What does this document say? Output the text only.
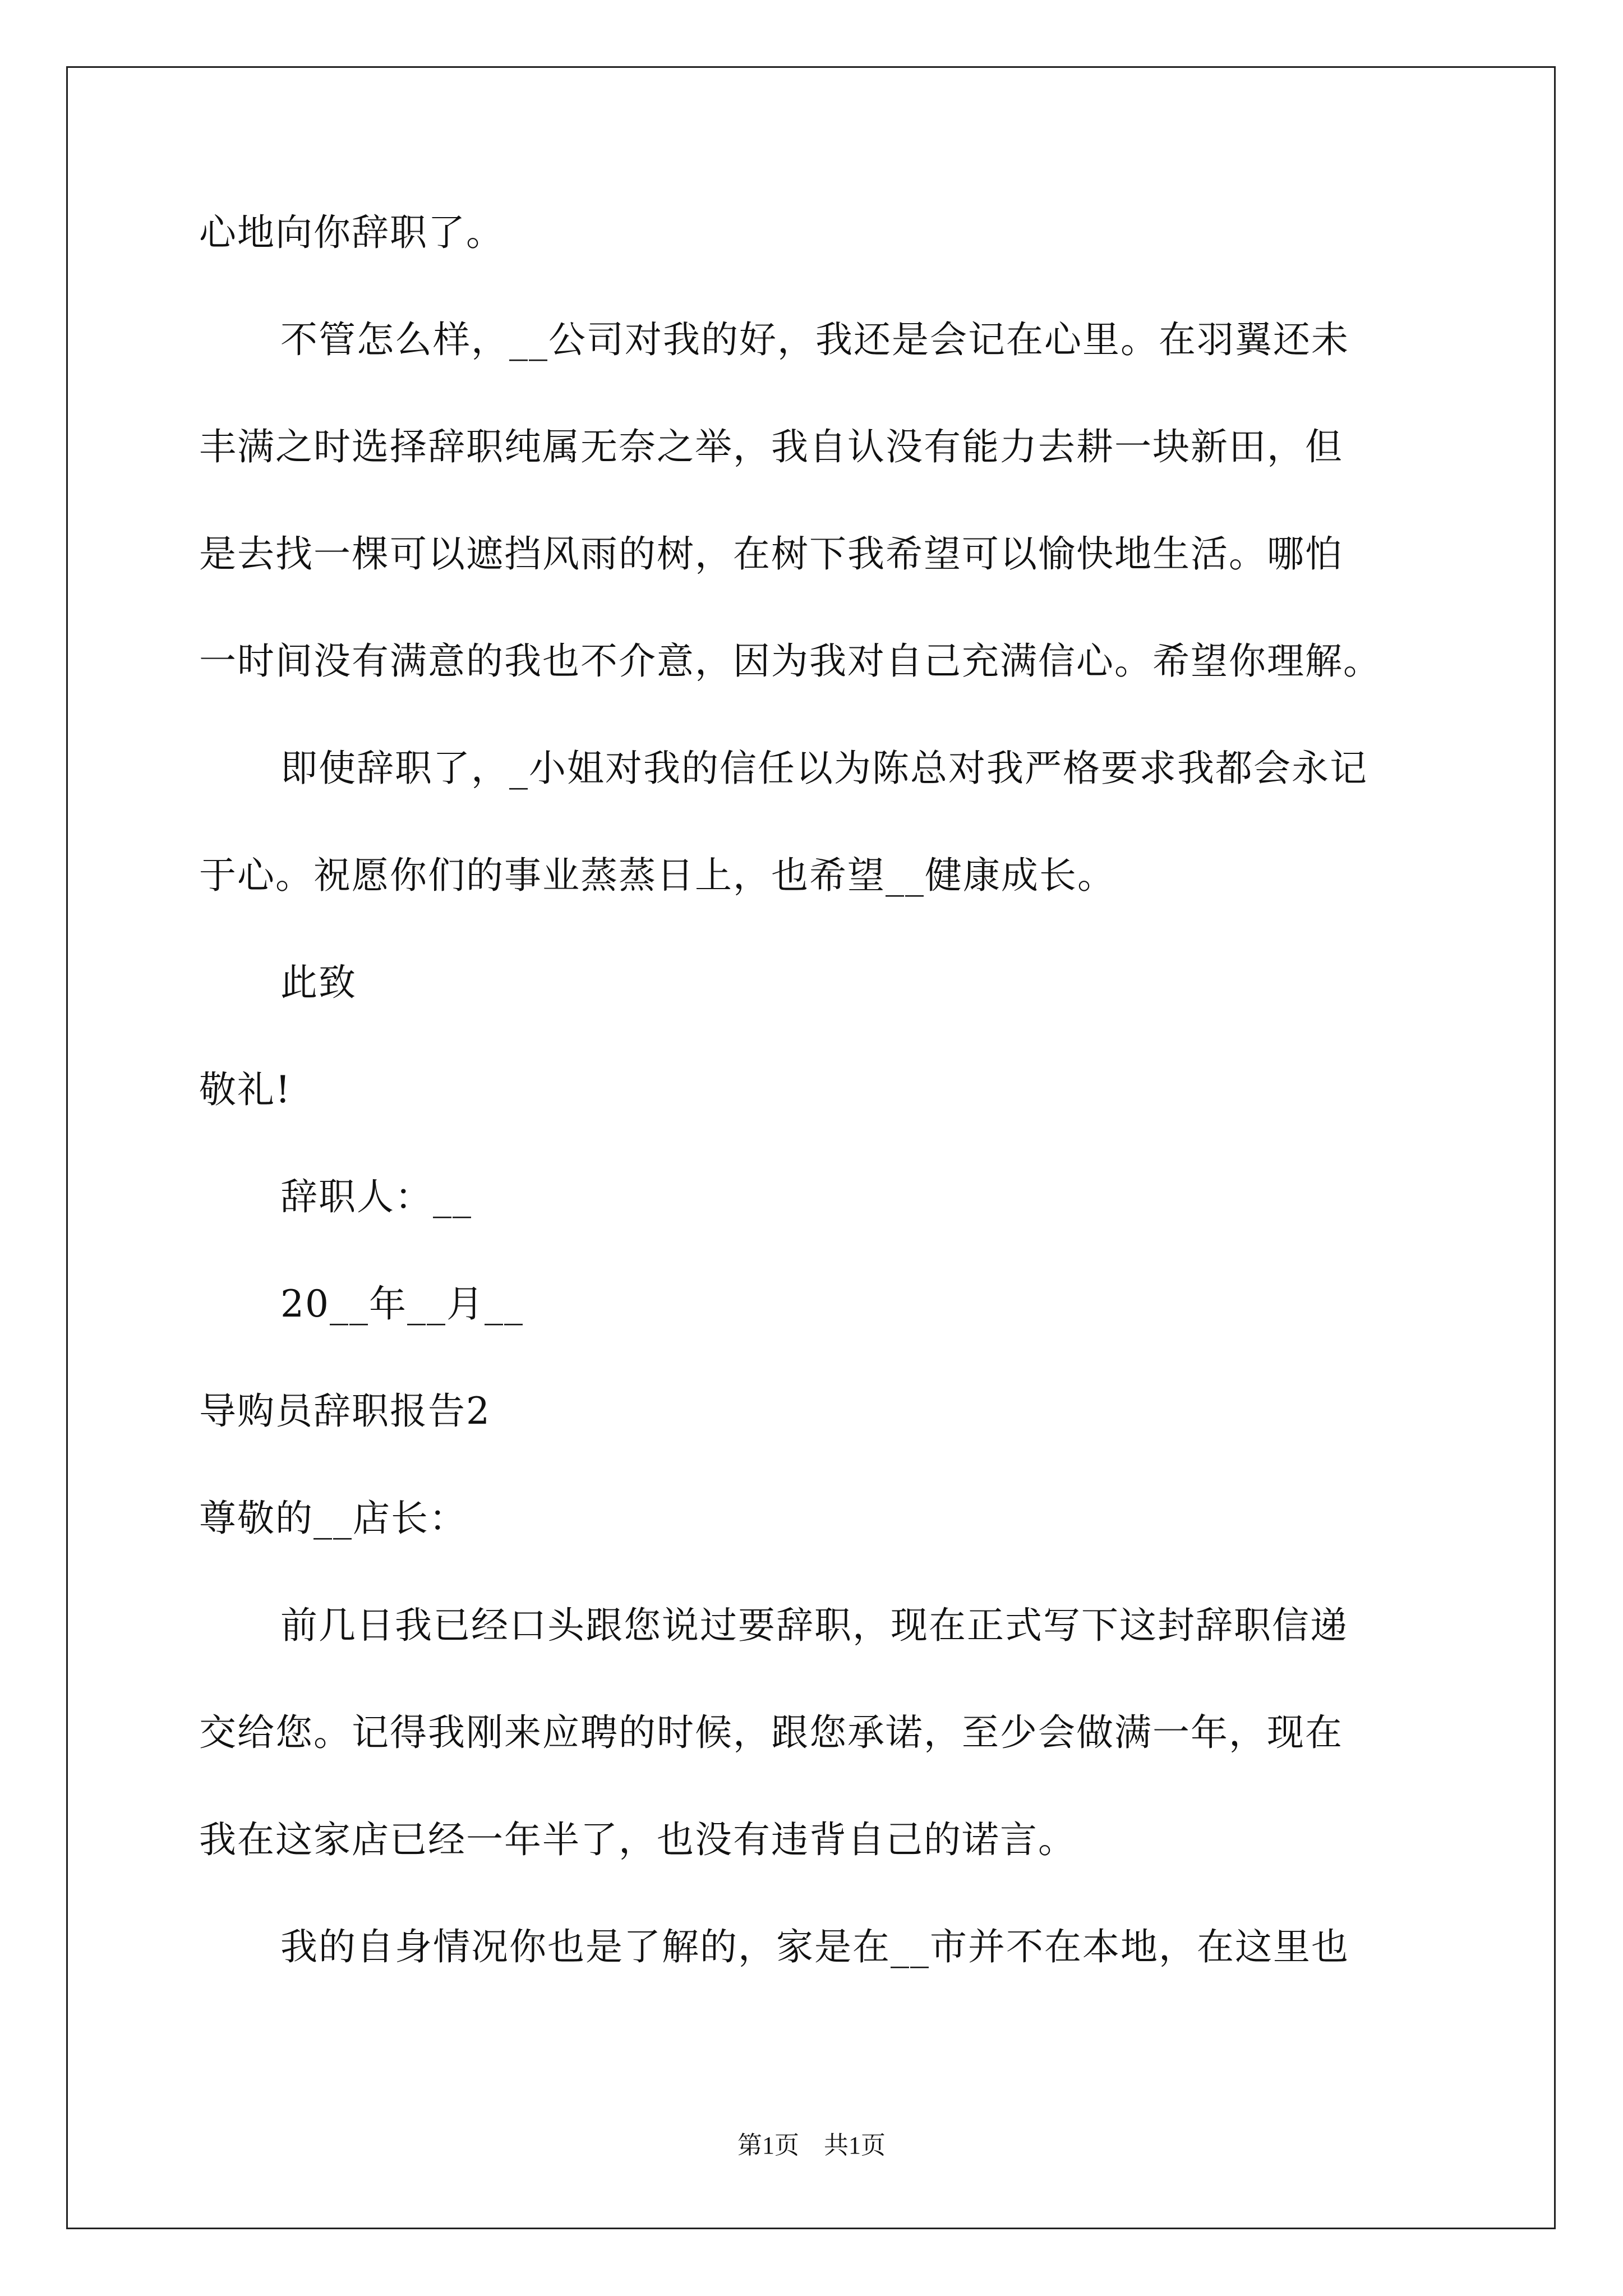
心地向你辞职了。
不管怎么样，__公司对我的好，我还是会记在心里。在羽翼还未
丰满之时选择辞职纯属无奈之举，我自认没有能力去耕一块新田，但
是去找一棵可以遮挡风雨的树，在树下我希望可以愉快地生活。哪怕
一时间没有满意的我也不介意，因为我对自己充满信心。希望你理解。
即使辞职了，_小姐对我的信任以为陈总对我严格要求我都会永记
于心。祝愿你们的事业蒸蒸日上，也希望__健康成长。
此致
敬礼!
辞职人：__
20__年__月__
导购员辞职报告2
尊敬的__店长：
前几日我已经口头跟您说过要辞职，现在正式写下这封辞职信递
交给您。记得我刚来应聘的时候，跟您承诺，至少会做满一年，现在
我在这家店已经一年半了，也没有违背自己的诺言。
我的自身情况你也是了解的，家是在__市并不在本地，在这里也
第1页　共1页
